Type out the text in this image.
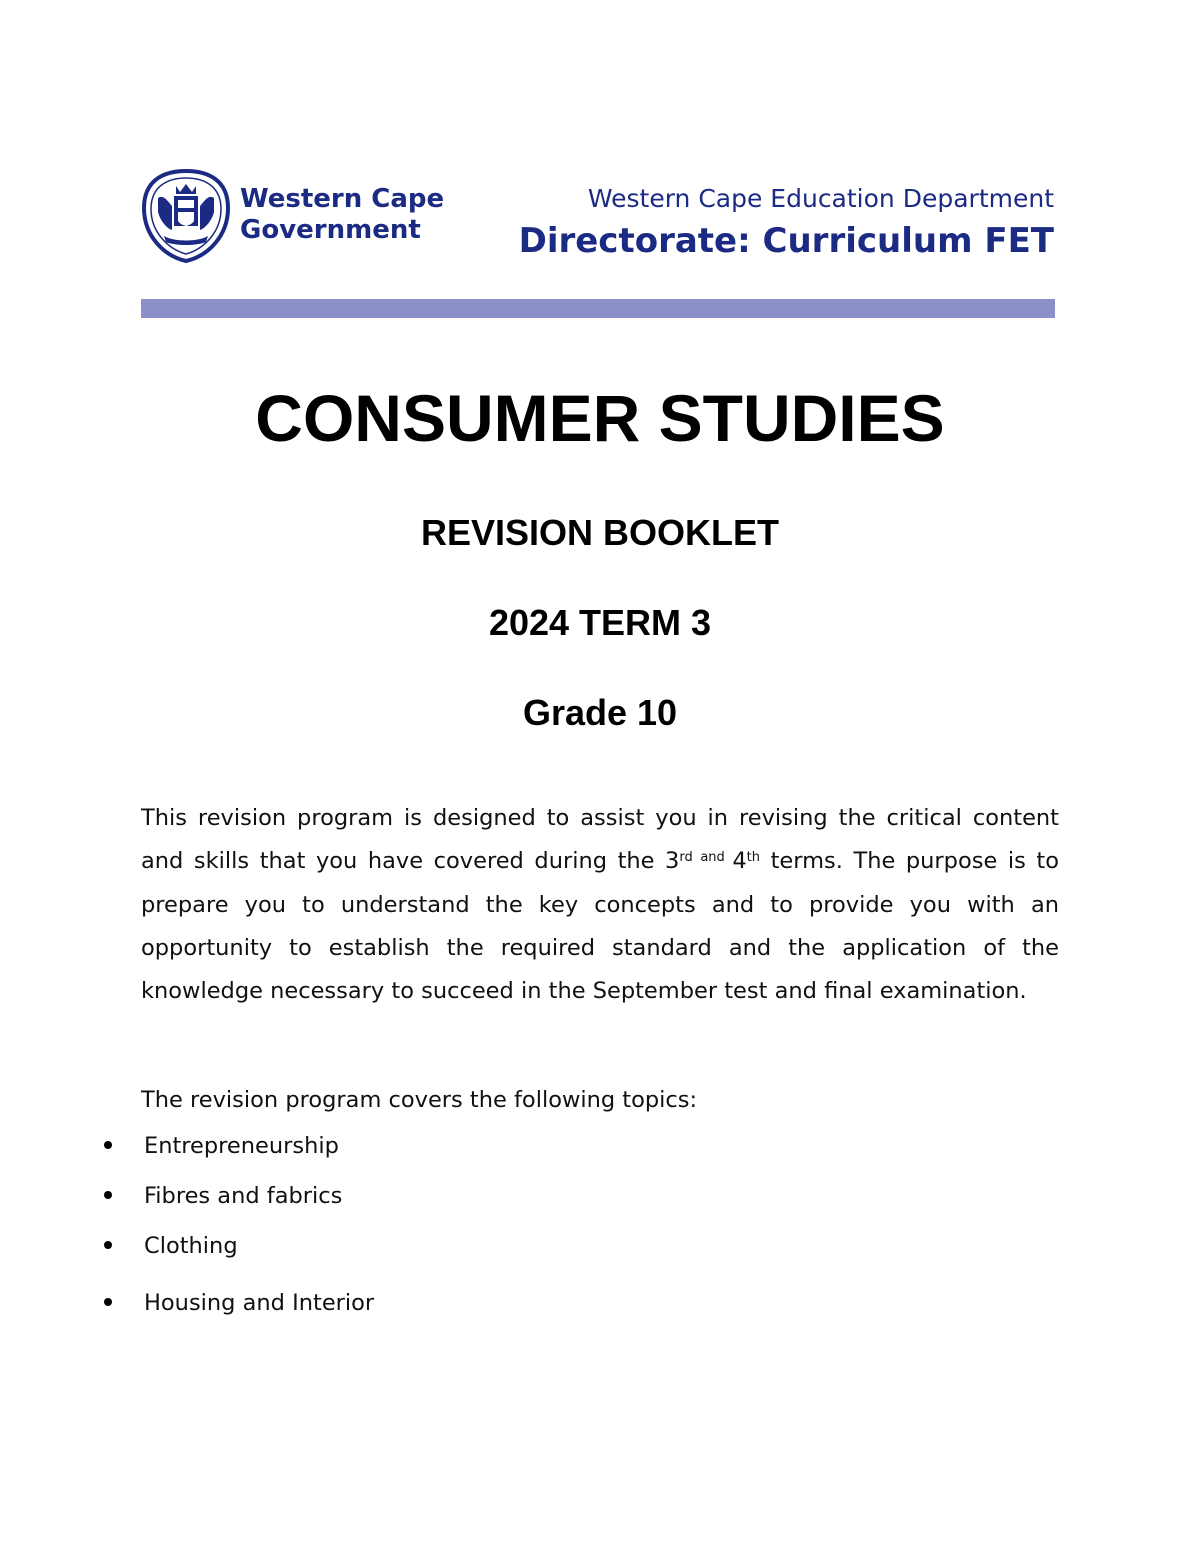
Western Cape
Government
Western Cape Education Department
Directorate: Curriculum FET
CONSUMER STUDIES
REVISION BOOKLET
2024 TERM 3
Grade 10
This revision program is designed to assist you in revising the critical content and skills that you have covered during the 3rd $^{and}$ 4th terms. The purpose is to prepare you to understand the key concepts and to provide you with an opportunity to establish the required standard and the application of the knowledge necessary to succeed in the September test and final examination.
The revision program covers the following topics:
Entrepreneurship
Fibres and fabrics
Clothing
Housing and Interior
